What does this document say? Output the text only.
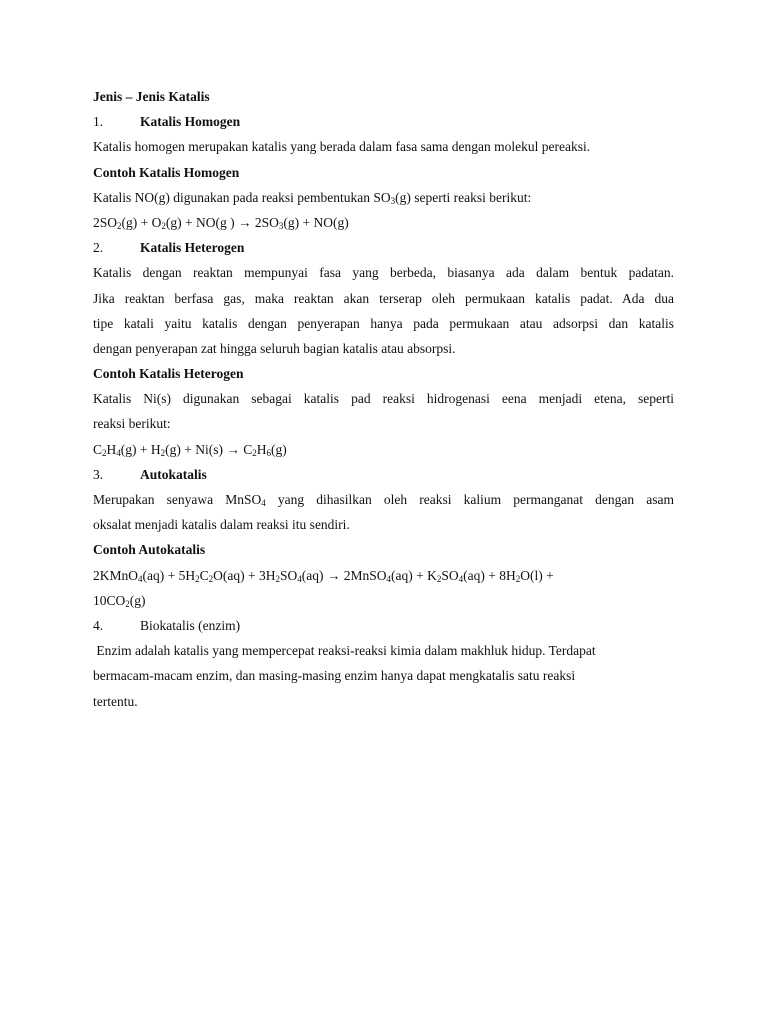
Jenis – Jenis Katalis
1.	Katalis Homogen
Katalis homogen merupakan katalis yang berada dalam fasa sama dengan molekul pereaksi.
Contoh Katalis Homogen
Katalis NO(g) digunakan pada reaksi pembentukan $SO_3(g)$ seperti reaksi berikut:
$2SO_2(g) + O_2(g) + NO(g$ ) → $2SO_3(g) + NO(g)$
2.	Katalis Heterogen
Katalis dengan reaktan mempunyai fasa yang berbeda, biasanya ada dalam bentuk padatan.
Jika reaktan berfasa gas, maka reaktan akan terserap oleh permukaan katalis padat. Ada dua
tipe katali yaitu katalis dengan penyerapan hanya pada permukaan atau adsorpsi dan katalis
dengan penyerapan zat hingga seluruh bagian katalis atau absorpsi.
Contoh Katalis Heterogen
Katalis Ni(s) digunakan sebagai katalis pad reaksi hidrogenasi eena menjadi etena, seperti
reaksi berikut:
$C_2H_4(g) + H_2(g) + Ni(s) \to C_2H_6(g)$
3.	Autokatalis
Merupakan senyawa MnSO$_4$ yang dihasilkan oleh reaksi kalium permanganat dengan asam
oksalat menjadi katalis dalam reaksi itu sendiri.
Contoh Autokatalis
2KMnO$_4$(aq) + $5H_2C_2O(aq) + 3H_2SO_4(aq)$ → 2MnSO$_4$(aq) + $K_2SO_4(aq) + 8H_2O(l)$ +
$10CO_2(g)$
4.	Biokatalis (enzim)
Enzim adalah katalis yang mempercepat reaksi-reaksi kimia dalam makhluk hidup. Terdapat
bermacam-macam enzim, dan masing-masing enzim hanya dapat mengkatalis satu reaksi
tertentu.
